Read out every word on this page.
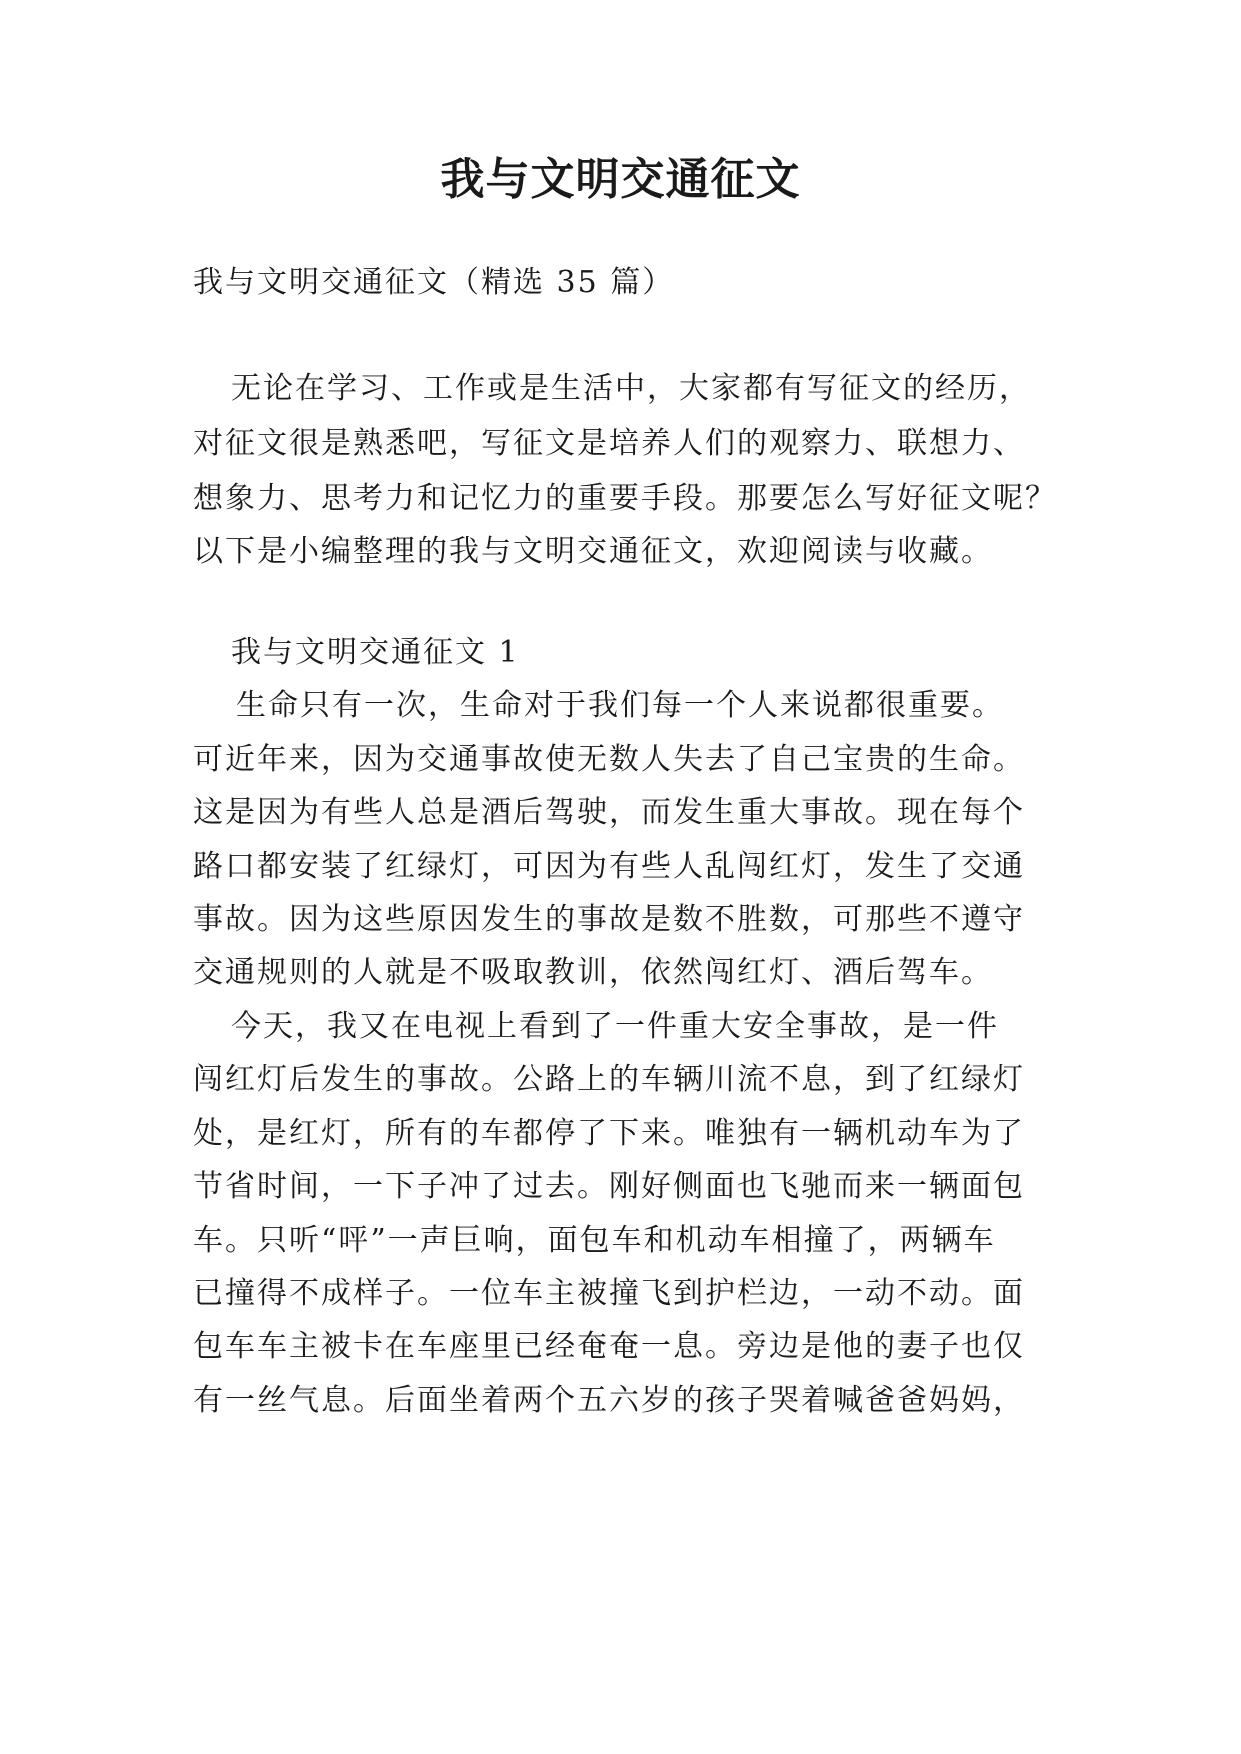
我与文明交通征文

我与文明交通征文（精选 35 篇）

无论在学习、工作或是生活中，大家都有写征文的经历，

对征文很是熟悉吧，写征文是培养人们的观察力、联想力、

想象力、思考力和记忆力的重要手段。那要怎么写好征文呢？

以下是小编整理的我与文明交通征文，欢迎阅读与收藏。

我与文明交通征文 1

生命只有一次，生命对于我们每一个人来说都很重要。

可近年来，因为交通事故使无数人失去了自己宝贵的生命。

这是因为有些人总是酒后驾驶，而发生重大事故。现在每个

路口都安装了红绿灯，可因为有些人乱闯红灯，发生了交通

事故。因为这些原因发生的事故是数不胜数，可那些不遵守

交通规则的人就是不吸取教训，依然闯红灯、酒后驾车。

今天，我又在电视上看到了一件重大安全事故，是一件

闯红灯后发生的事故。公路上的车辆川流不息，到了红绿灯

处，是红灯，所有的车都停了下来。唯独有一辆机动车为了

节省时间，一下子冲了过去。刚好侧面也飞驰而来一辆面包

车。只听“呯”一声巨响，面包车和机动车相撞了，两辆车

已撞得不成样子。一位车主被撞飞到护栏边，一动不动。面

包车车主被卡在车座里已经奄奄一息。旁边是他的妻子也仅

有一丝气息。后面坐着两个五六岁的孩子哭着喊爸爸妈妈，
